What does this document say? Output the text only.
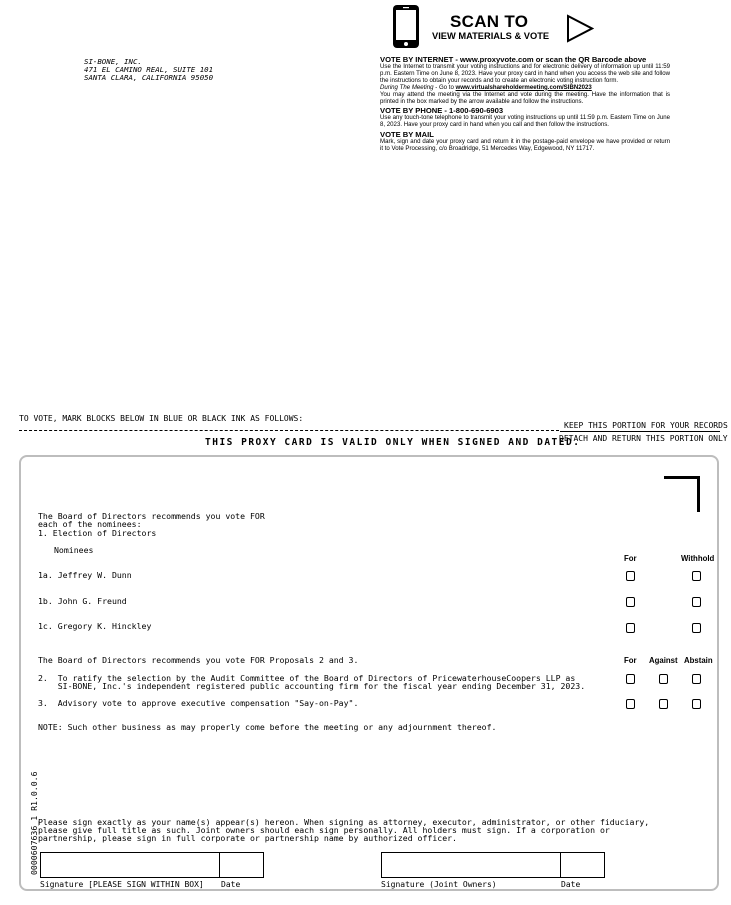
SI-BONE, INC.
471 EL CAMINO REAL, SUITE 101
SANTA CLARA, CALIFORNIA 95050
SCAN TO
VIEW MATERIALS & VOTE
VOTE BY INTERNET - www.proxyvote.com or scan the QR Barcode above

Use the Internet to transmit your voting instructions and for electronic delivery of information up until 11:59 p.m. Eastern Time on June 8, 2023. Have your proxy card in hand when you access the web site and follow the instructions to obtain your records and to create an electronic voting instruction form.

During The Meeting - Go to www.virtualshareholdermeeting.com/SIBN2023

You may attend the meeting via the Internet and vote during the meeting. Have the information that is printed in the box marked by the arrow available and follow the instructions.

VOTE BY PHONE - 1-800-690-6903

Use any touch-tone telephone to transmit your voting instructions up until 11:59 p.m. Eastern Time on June 8, 2023. Have your proxy card in hand when you call and then follow the instructions.

VOTE BY MAIL

Mark, sign and date your proxy card and return it in the postage-paid envelope we have provided or return it to Vote Processing, c/o Broadridge, 51 Mercedes Way, Edgewood, NY 11717.

TO VOTE, MARK BLOCKS BELOW IN BLUE OR BLACK INK AS FOLLOWS:
KEEP THIS PORTION FOR YOUR RECORDS
THIS PROXY CARD IS VALID ONLY WHEN SIGNED AND DATED.
DETACH AND RETURN THIS PORTION ONLY
The Board of Directors recommends you vote FOR
each of the nominees:
1. Election of Directors
Nominees
For	Withhold
1a. Jeffrey W. Dunn
1b. John G. Freund
1c. Gregory K. Hinckley
The Board of Directors recommends you vote FOR Proposals 2 and 3.	For Against Abstain
2.  To ratify the selection by the Audit Committee of the Board of Directors of PricewaterhouseCoopers LLP as
SI-BONE, Inc.'s independent registered public accounting firm for the fiscal year ending December 31, 2023.
3.  Advisory vote to approve executive compensation "Say-on-Pay".
NOTE: Such other business as may properly come before the meeting or any adjournment thereof.
0000607636_1 R1.0.0.6 Please sign exactly as your name(s) appear(s) hereon. When signing as attorney, executor, administrator, or other fiduciary,
please give full title as such. Joint owners should each sign personally. All holders must sign. If a corporation or
partnership, please sign in full corporate or partnership name by authorized officer.
Signature [PLEASE SIGN WITHIN BOX] Date	Signature (Joint Owners)	Date
